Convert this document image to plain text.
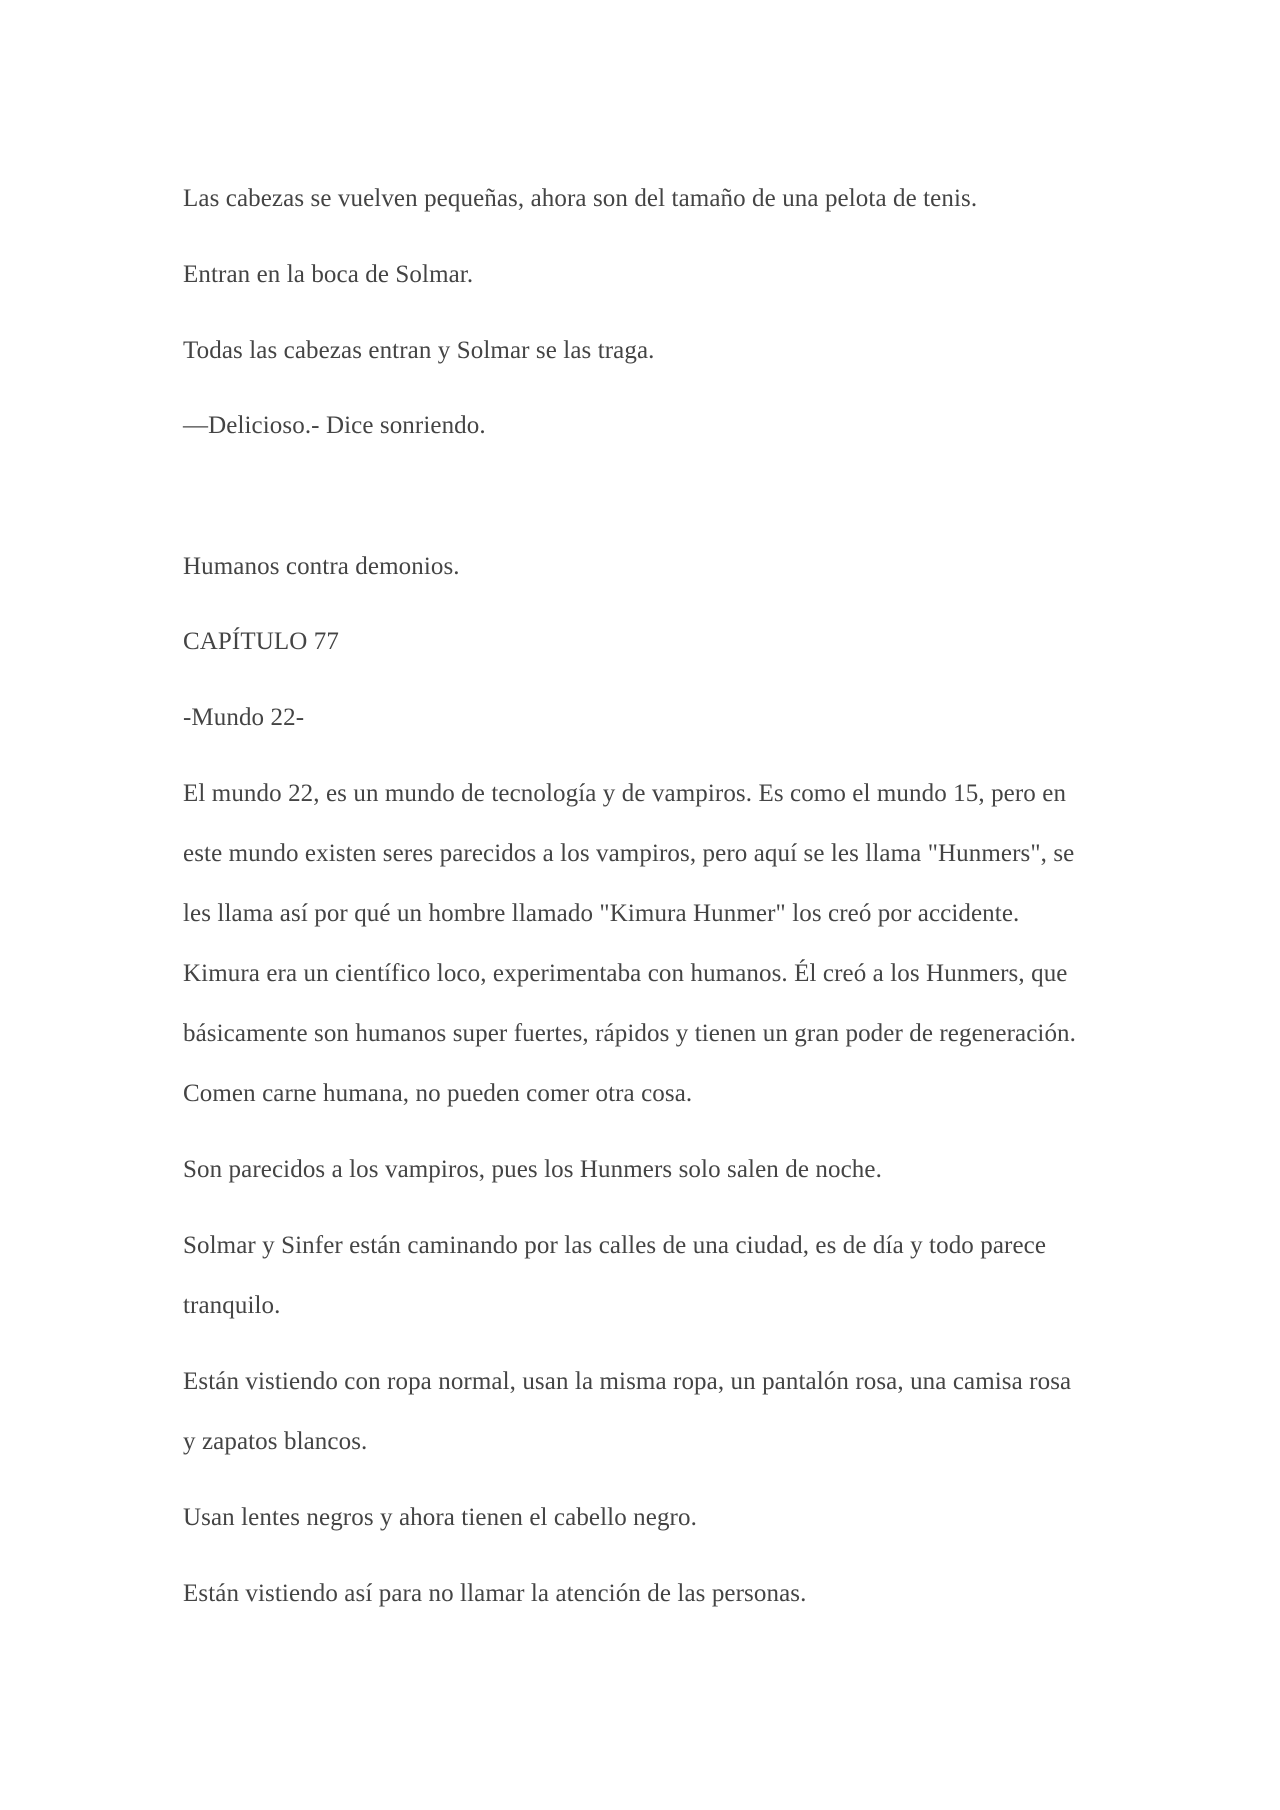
Las cabezas se vuelven pequeñas, ahora son del tamaño de una pelota de tenis.
Entran en la boca de Solmar.
Todas las cabezas entran y Solmar se las traga.
—Delicioso.- Dice sonriendo.
Humanos contra demonios.
CAPÍTULO 77
-Mundo 22-
El mundo 22, es un mundo de tecnología y de vampiros. Es como el mundo 15, pero en
este mundo existen seres parecidos a los vampiros, pero aquí se les llama "Hunmers", se
les llama así por qué un hombre llamado "Kimura Hunmer" los creó por accidente.
Kimura era un científico loco, experimentaba con humanos. Él creó a los Hunmers, que
básicamente son humanos super fuertes, rápidos y tienen un gran poder de regeneración.
Comen carne humana, no pueden comer otra cosa.
Son parecidos a los vampiros, pues los Hunmers solo salen de noche.
Solmar y Sinfer están caminando por las calles de una ciudad, es de día y todo parece
tranquilo.
Están vistiendo con ropa normal, usan la misma ropa, un pantalón rosa, una camisa rosa
y zapatos blancos.
Usan lentes negros y ahora tienen el cabello negro.
Están vistiendo así para no llamar la atención de las personas.
